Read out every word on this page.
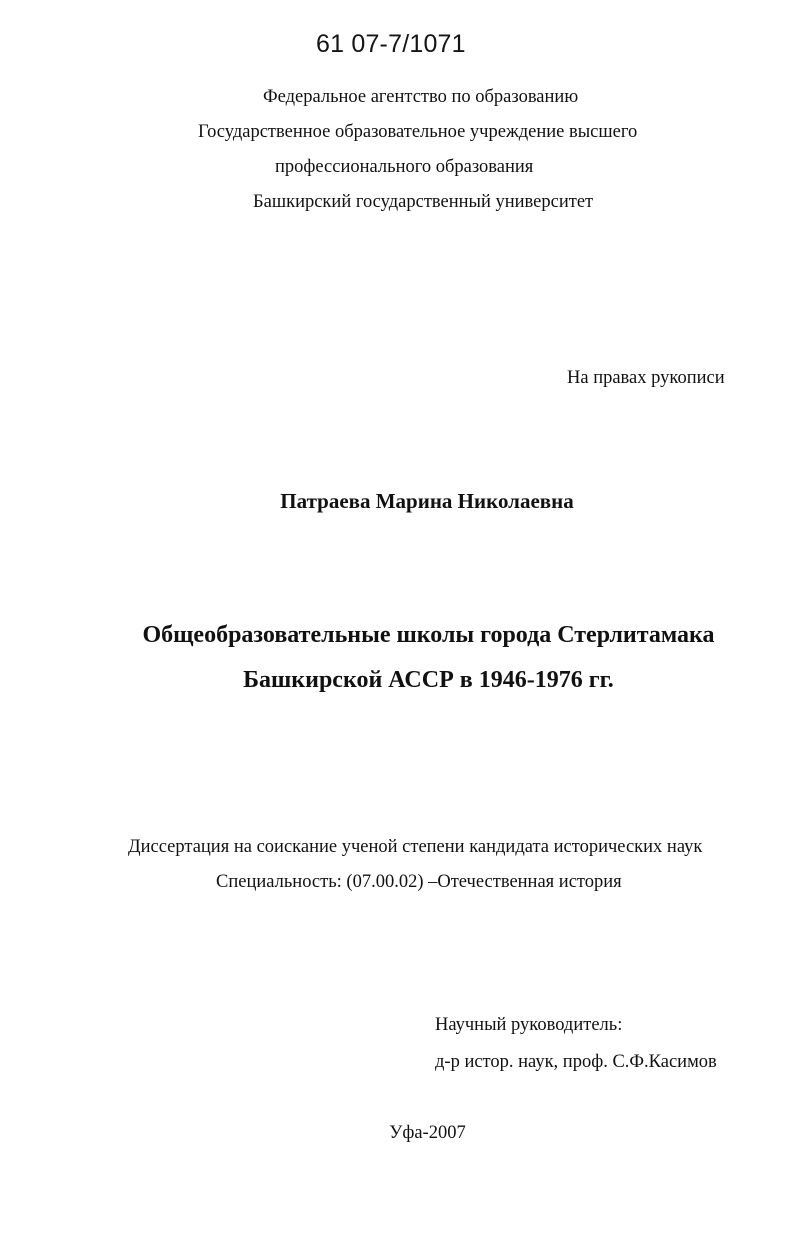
61 07-7/1071

Федеральное агентство по образованию

Государственное образовательное учреждение высшего

профессионального образования

Башкирский государственный университет

На правах рукописи

Патраева Марина Николаевна

Общеобразовательные школы города Стерлитамака

Башкирской АССР в 1946-1976 гг.

Диссертация на соискание ученой степени кандидата исторических наук

Специальность: (07.00.02) –Отечественная история

Научный руководитель:

д-р истор. наук, проф. С.Ф.Касимов

Уфа-2007
